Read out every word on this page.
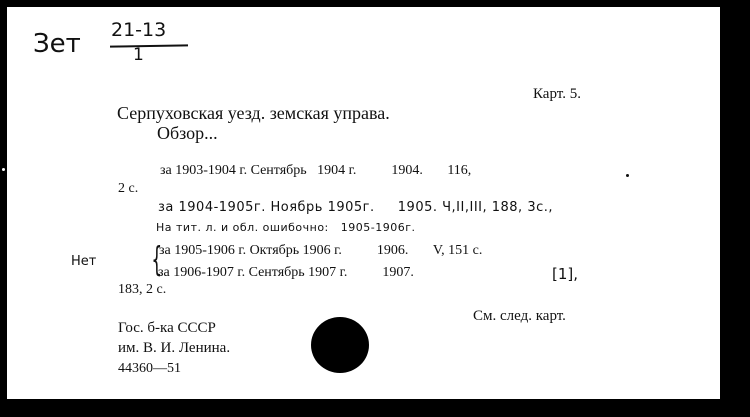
Зет 21-13
1
Карт. 5.
Серпуховская уезд. земская управа.
Обзор...
за 1903-1904 г. Сентябрь   1904 г.          1904.       116,
2 с.
за 1904-1905г. Ноябрь 1905г.     1905. Ч,II,III, 188, 3с.,
На тит. л. и обл. ошибочно:   1905-1906г.
Нет {
за 1905-1906 г. Октябрь 1906 г.          1906.       V, 151 с.
за 1906-1907 г. Сентябрь 1907 г.          1907.	[1],
183, 2 с.
См. след. карт.
Гос. б-ка СССР
им. В. И. Ленина.
44360—51
